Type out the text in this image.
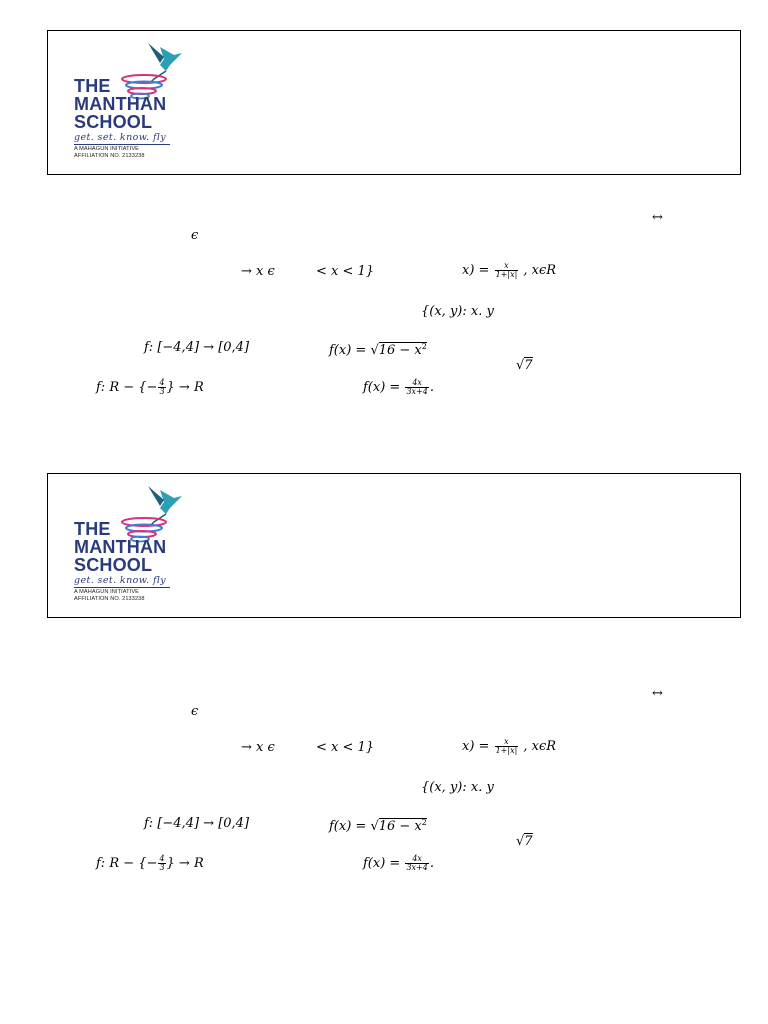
THE
MANTHAN
SCHOOL
get. set. know. fly
A MAHAGUN INITIATIVE
AFFILIATION NO. 2133238
↔
ϵ
→ x ϵ	< x < 1}	$x) = \frac{x}{1+|x|}$ , xϵR
{(x, y): x. y
f: [−4,4] → [0,4]	$f(x) = √16 - x^2$
√7
f: R − {− $\frac{4}{3}$ } → R	$f(x) = \frac{4x}{3x+4}$ .
THE
MANTHAN
SCHOOL
get. set. know. fly
A MAHAGUN INITIATIVE
AFFILIATION NO. 2133238
↔
ϵ
→ x ϵ	< x < 1}	$x) = \frac{x}{1+|x|}$ , xϵR
{(x, y): x. y
f: [−4,4] → [0,4]	$f(x) = √16 - x^2$
√7
f: R − {− $\frac{4}{3}$ } → R	$f(x) = \frac{4x}{3x+4}$ .
